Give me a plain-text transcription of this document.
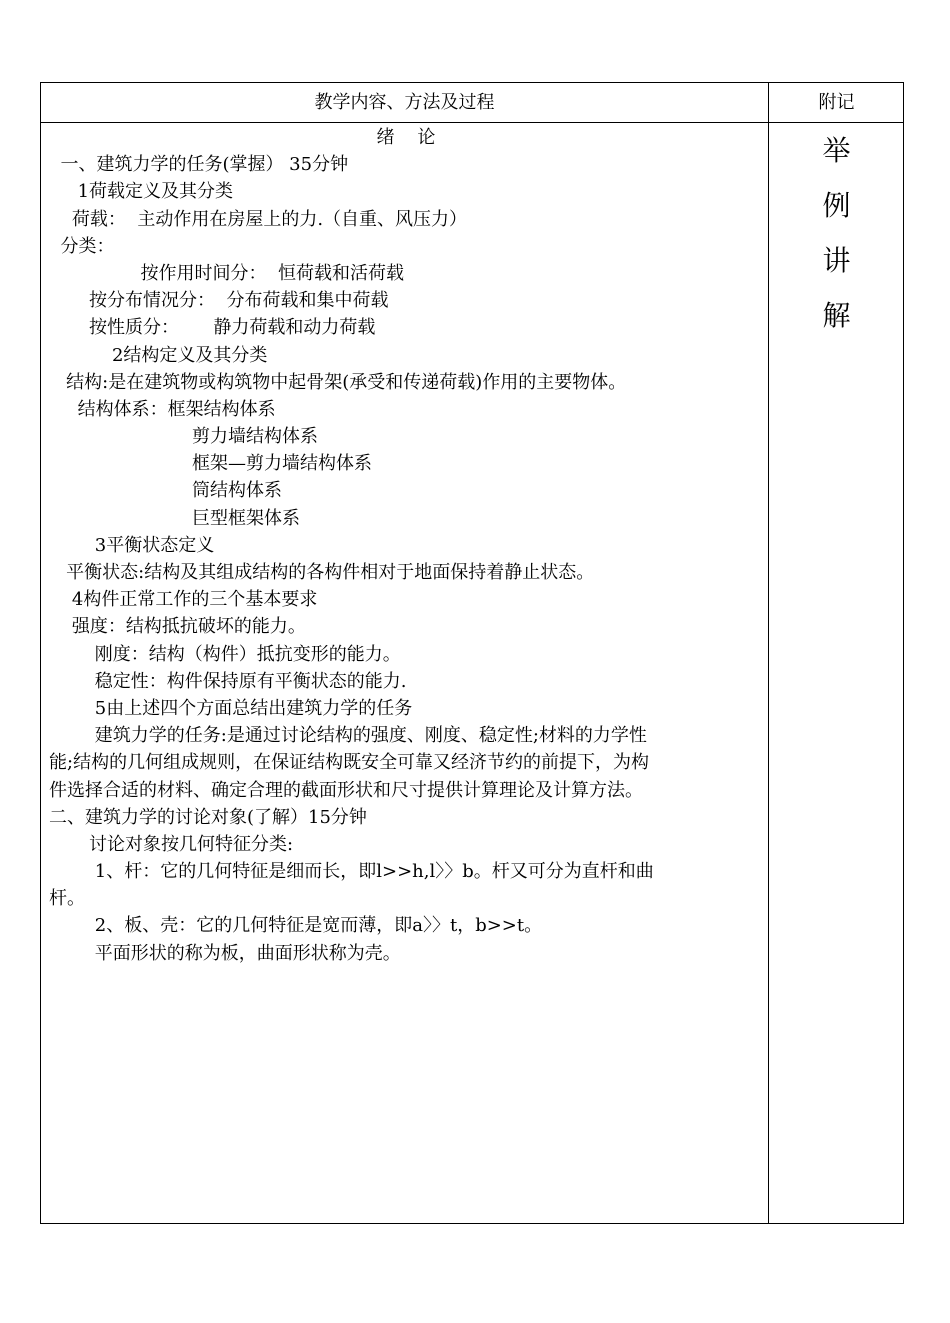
教学内容、方法及过程	附记
绪    论
一、建筑力学的任务(掌握） 35分钟
1荷载定义及其分类
荷载：  主动作用在房屋上的力.（自重、风压力）
分类：
按作用时间分：  恒荷载和活荷载
按分布情况分：  分布荷载和集中荷载
按性质分：      静力荷载和动力荷载
2结构定义及其分类
结构:是在建筑物或构筑物中起骨架(承受和传递荷载)作用的主要物体。
结构体系：框架结构体系
剪力墙结构体系
框架—剪力墙结构体系
筒结构体系
巨型框架体系
3平衡状态定义
平衡状态:结构及其组成结构的各构件相对于地面保持着静止状态。
4构件正常工作的三个基本要求
强度：结构抵抗破坏的能力。
刚度：结构（构件）抵抗变形的能力。
稳定性：构件保持原有平衡状态的能力.
5由上述四个方面总结出建筑力学的任务
建筑力学的任务:是通过讨论结构的强度、刚度、稳定性;材料的力学性
能;结构的几何组成规则，在保证结构既安全可靠又经济节约的前提下，为构
件选择合适的材料、确定合理的截面形状和尺寸提供计算理论及计算方法。
二、建筑力学的讨论对象(了解）15分钟
讨论对象按几何特征分类:
1、杆：它的几何特征是细而长，即l>>h,l〉〉b。杆又可分为直杆和曲
杆。
2、板、壳：它的几何特征是宽而薄，即a〉〉t，b>>t。
平面形状的称为板，曲面形状称为壳。
举
例
讲
解
